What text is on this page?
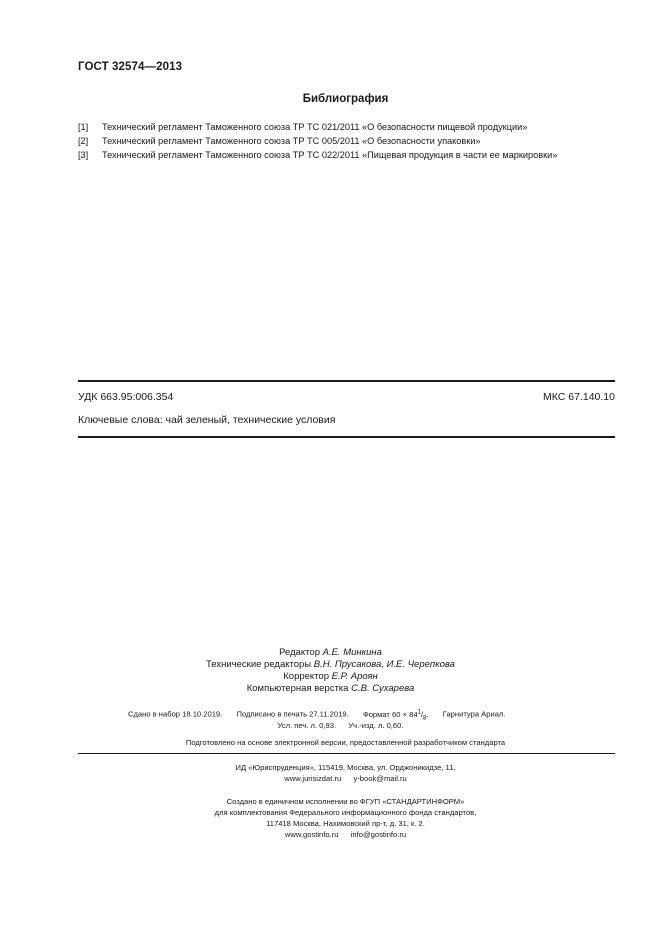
ГОСТ 32574—2013
Библиография
[1] Технический регламент Таможенного союза ТР ТС 021/2011 «О безопасности пищевой продукции»
[2] Технический регламент Таможенного союза ТР ТС 005/2011 «О безопасности упаковки»
[3] Технический регламент Таможенного союза ТР ТС 022/2011 «Пищевая продукция в части ее маркировки»
УДК 663.95:006.354	МКС 67.140.10
Ключевые слова: чай зеленый, технические условия
Редактор А.Е. Минкина
Технические редакторы В.Н. Прусакова, И.Е. Черепкова
Корректор Е.Р. Ароян
Компьютерная верстка С.В. Сухарева
Сдано в набор 18.10.2019. Подписано в печать 27.11.2019. Формат $60 \times 84^1/_8$. Гарнитура Ариал.
Усл. печ. л. 0,93. Уч.-изд. л. 0,60.
Подготовлено на основе электронной версии, предоставленной разработчиком стандарта
ИД «Юриспруденция», 115419, Москва, ул. Орджоникидзе, 11.
www.jurisizdat.ru y-book@mail.ru
Создано в единичном исполнении во ФГУП «СТАНДАРТИНФОРМ»
для комплектования Федерального информационного фонда стандартов,
117418 Москва, Нахимовский пр-т, д. 31, к. 2.
www.gostinfo.ru info@gostinfo.ru
